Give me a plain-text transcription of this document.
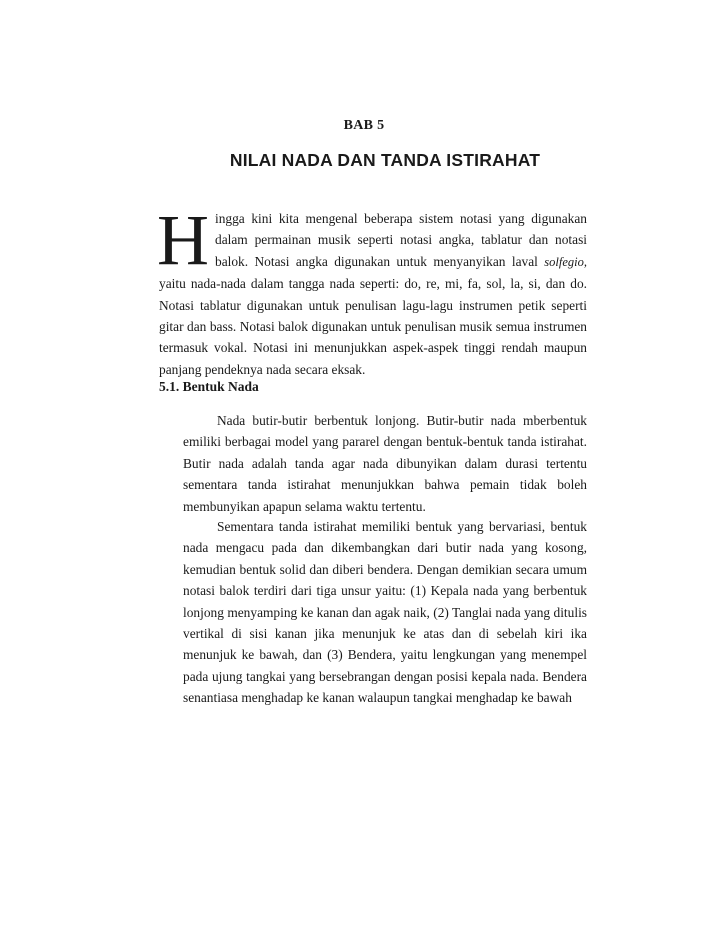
BAB 5
NILAI NADA DAN TANDA ISTIRAHAT

Hingga kini kita mengenal beberapa sistem notasi yang digunakan dalam permainan musik seperti notasi angka, tablatur dan notasi balok. Notasi angka digunakan untuk menyanyikan laval solfegio, yaitu nada-nada dalam tangga nada seperti: do, re, mi, fa, sol, la, si, dan do. Notasi tablatur digunakan untuk penulisan lagu-lagu instrumen petik seperti gitar dan bass. Notasi balok digunakan untuk penulisan musik semua instrumen termasuk vokal. Notasi ini menunjukkan aspek-aspek tinggi rendah maupun panjang pendeknya nada secara eksak.

5.1. Bentuk Nada

Nada butir-butir berbentuk lonjong. Butir-butir nada mberbentuk emiliki berbagai model yang pararel dengan bentuk-bentuk tanda istirahat. Butir nada adalah tanda agar nada dibunyikan dalam durasi tertentu sementara tanda istirahat menunjukkan bahwa pemain tidak boleh membunyikan apapun selama waktu tertentu.

Sementara tanda istirahat memiliki bentuk yang bervariasi, bentuk nada mengacu pada dan dikembangkan dari butir nada yang kosong, kemudian bentuk solid dan diberi bendera. Dengan demikian secara umum notasi balok terdiri dari tiga unsur yaitu: (1) Kepala nada yang berbentuk lonjong menyamping ke kanan dan agak naik, (2) Tanglai nada yang ditulis vertikal di sisi kanan jika menunjuk ke atas dan di sebelah kiri ika menunjuk ke bawah, dan (3) Bendera, yaitu lengkungan yang menempel pada ujung tangkai yang bersebrangan dengan posisi kepala nada. Bendera senantiasa menghadap ke kanan walaupun tangkai menghadap ke bawah
